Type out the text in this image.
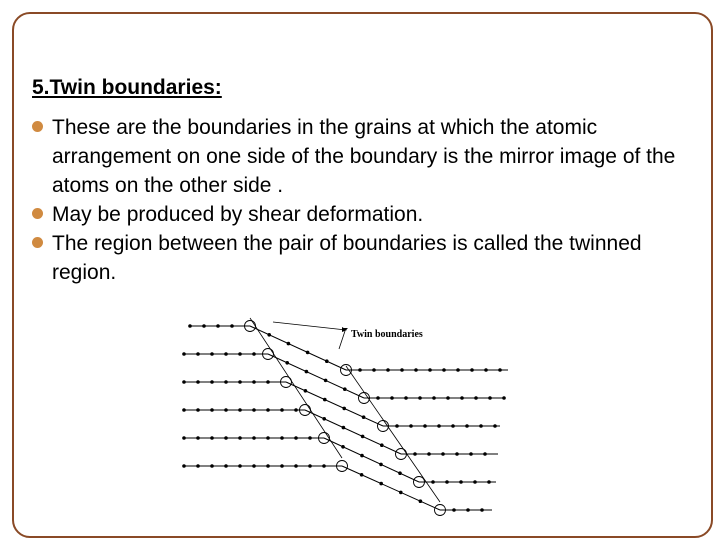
5.Twin boundaries:
These are the boundaries in the grains at which the atomic arrangement on one side of the boundary is the mirror image of the atoms on the other side .
May be produced by shear deformation.
The region between the pair of boundaries is called the twinned region.
Twin boundaries
